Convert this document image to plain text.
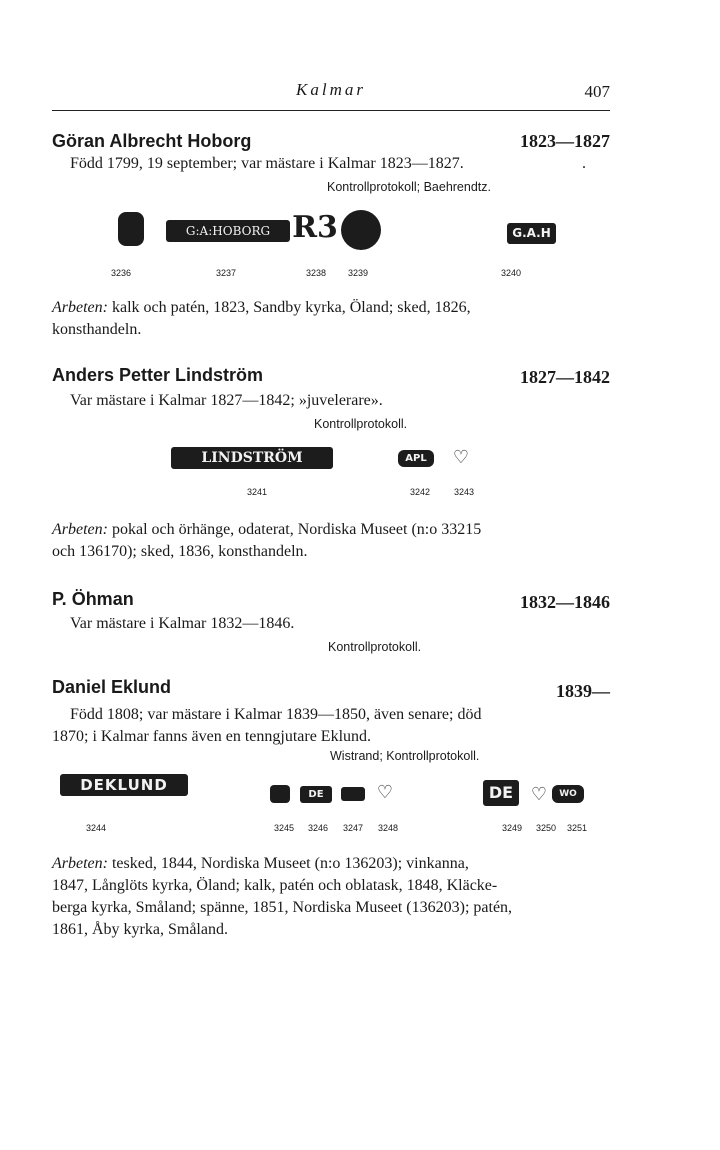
Kalmar	407
Göran Albrecht Hoborg	1823—1827
Född 1799, 19 september; var mästare i Kalmar 1823—1827.	.
Kontrollprotokoll; Baehrendtz.
G:A:HOBORG R3	G.A.H
3236	3237	3238 3239	3240
Arbeten: kalk och patén, 1823, Sandby kyrka, Öland; sked, 1826,
konsthandeln.
Anders Petter Lindström	1827—1842
Var mästare i Kalmar 1827—1842; »juvelerare».
Kontrollprotokoll.
LINDSTRÖM	APL	♡
3241	3242	3243
Arbeten: pokal och örhänge, odaterat, Nordiska Museet (n:o 33215
och 136170); sked, 1836, konsthandeln.
P. Öhman	1832—1846
Var mästare i Kalmar 1832—1846.
Kontrollprotokoll.
Daniel Eklund	1839—
Född 1808; var mästare i Kalmar 1839—1850, även senare; död
1870; i Kalmar fanns även en tenngjutare Eklund.
Wistrand; Kontrollprotokoll.
DEKLUND
DE	♡	DE ♡	WO
3244	3245 3246 3247 3248	3249 3250 3251
Arbeten: tesked, 1844, Nordiska Museet (n:o 136203); vinkanna,
1847, Långlöts kyrka, Öland; kalk, patén och oblatask, 1848, Kläcke-
berga kyrka, Småland; spänne, 1851, Nordiska Museet (136203); patén,
1861, Åby kyrka, Småland.
